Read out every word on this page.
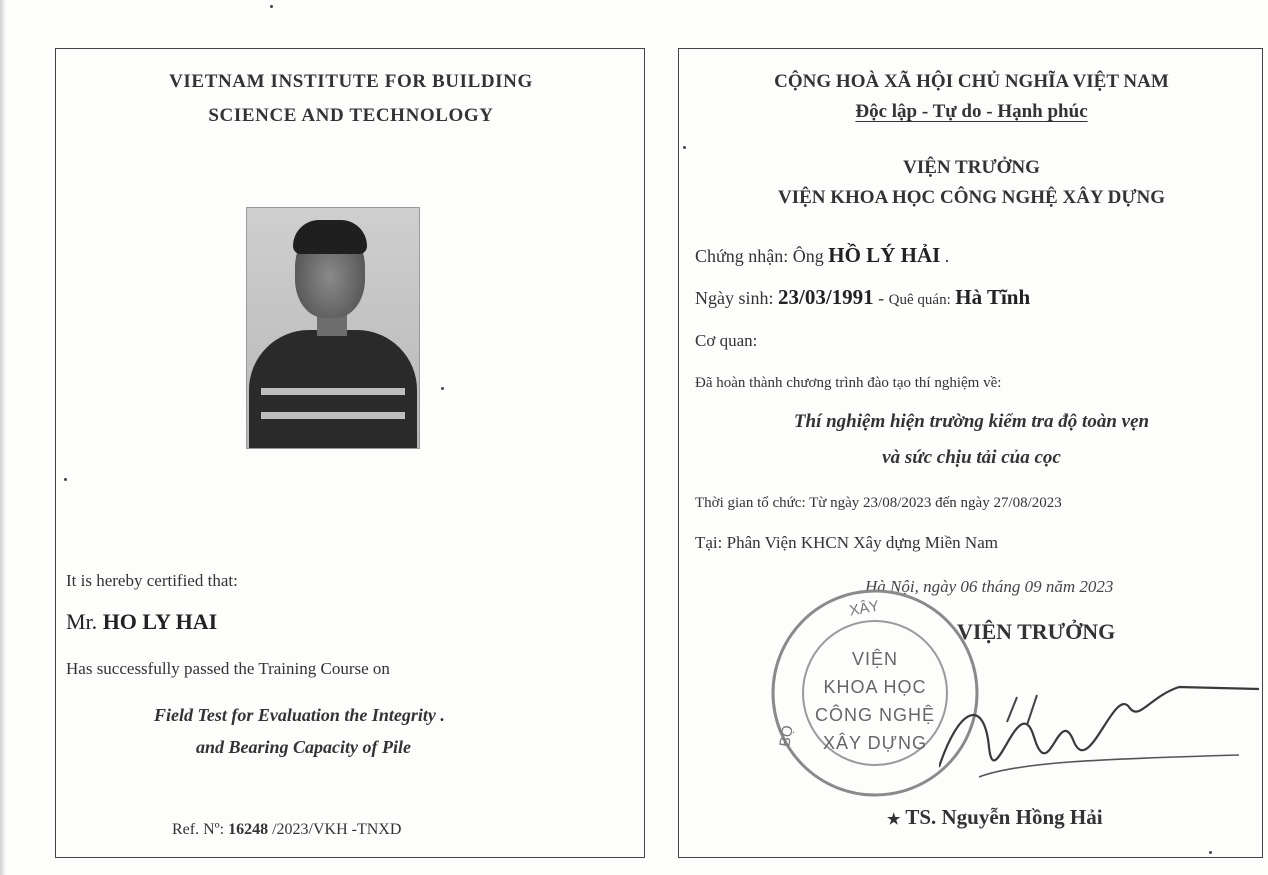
VIETNAM INSTITUTE FOR BUILDING
SCIENCE AND TECHNOLOGY
It is hereby certified that:
Mr. HO LY HAI
Has successfully passed the Training Course on
Field Test for Evaluation the Integrity .
and Bearing Capacity of Pile
Ref. Nº: 16248 /2023/VKH -TNXD
CỘNG HOÀ XÃ HỘI CHỦ NGHĨA VIỆT NAM
Độc lập - Tự do - Hạnh phúc
VIỆN TRƯỞNG
VIỆN KHOA HỌC CÔNG NGHỆ XÂY DỰNG
Chứng nhận: Ông HỒ LÝ HẢI .
Ngày sinh: 23/03/1991 - Quê quán: Hà Tĩnh
Cơ quan:
Đã hoàn thành chương trình đào tạo thí nghiệm về:
Thí nghiệm hiện trường kiểm tra độ toàn vẹn
và sức chịu tải của cọc
Thời gian tổ chức: Từ ngày 23/08/2023 đến ngày 27/08/2023
Tại: Phân Viện KHCN Xây dựng Miền Nam
Hà Nội, ngày 06 tháng 09 năm 2023
VIỆN TRƯỞNG
VIỆN
KHOA HỌC
CÔNG NGHỆ
XÂY DỰNG
XÂY
BỘ
★ TS. Nguyễn Hồng Hải
